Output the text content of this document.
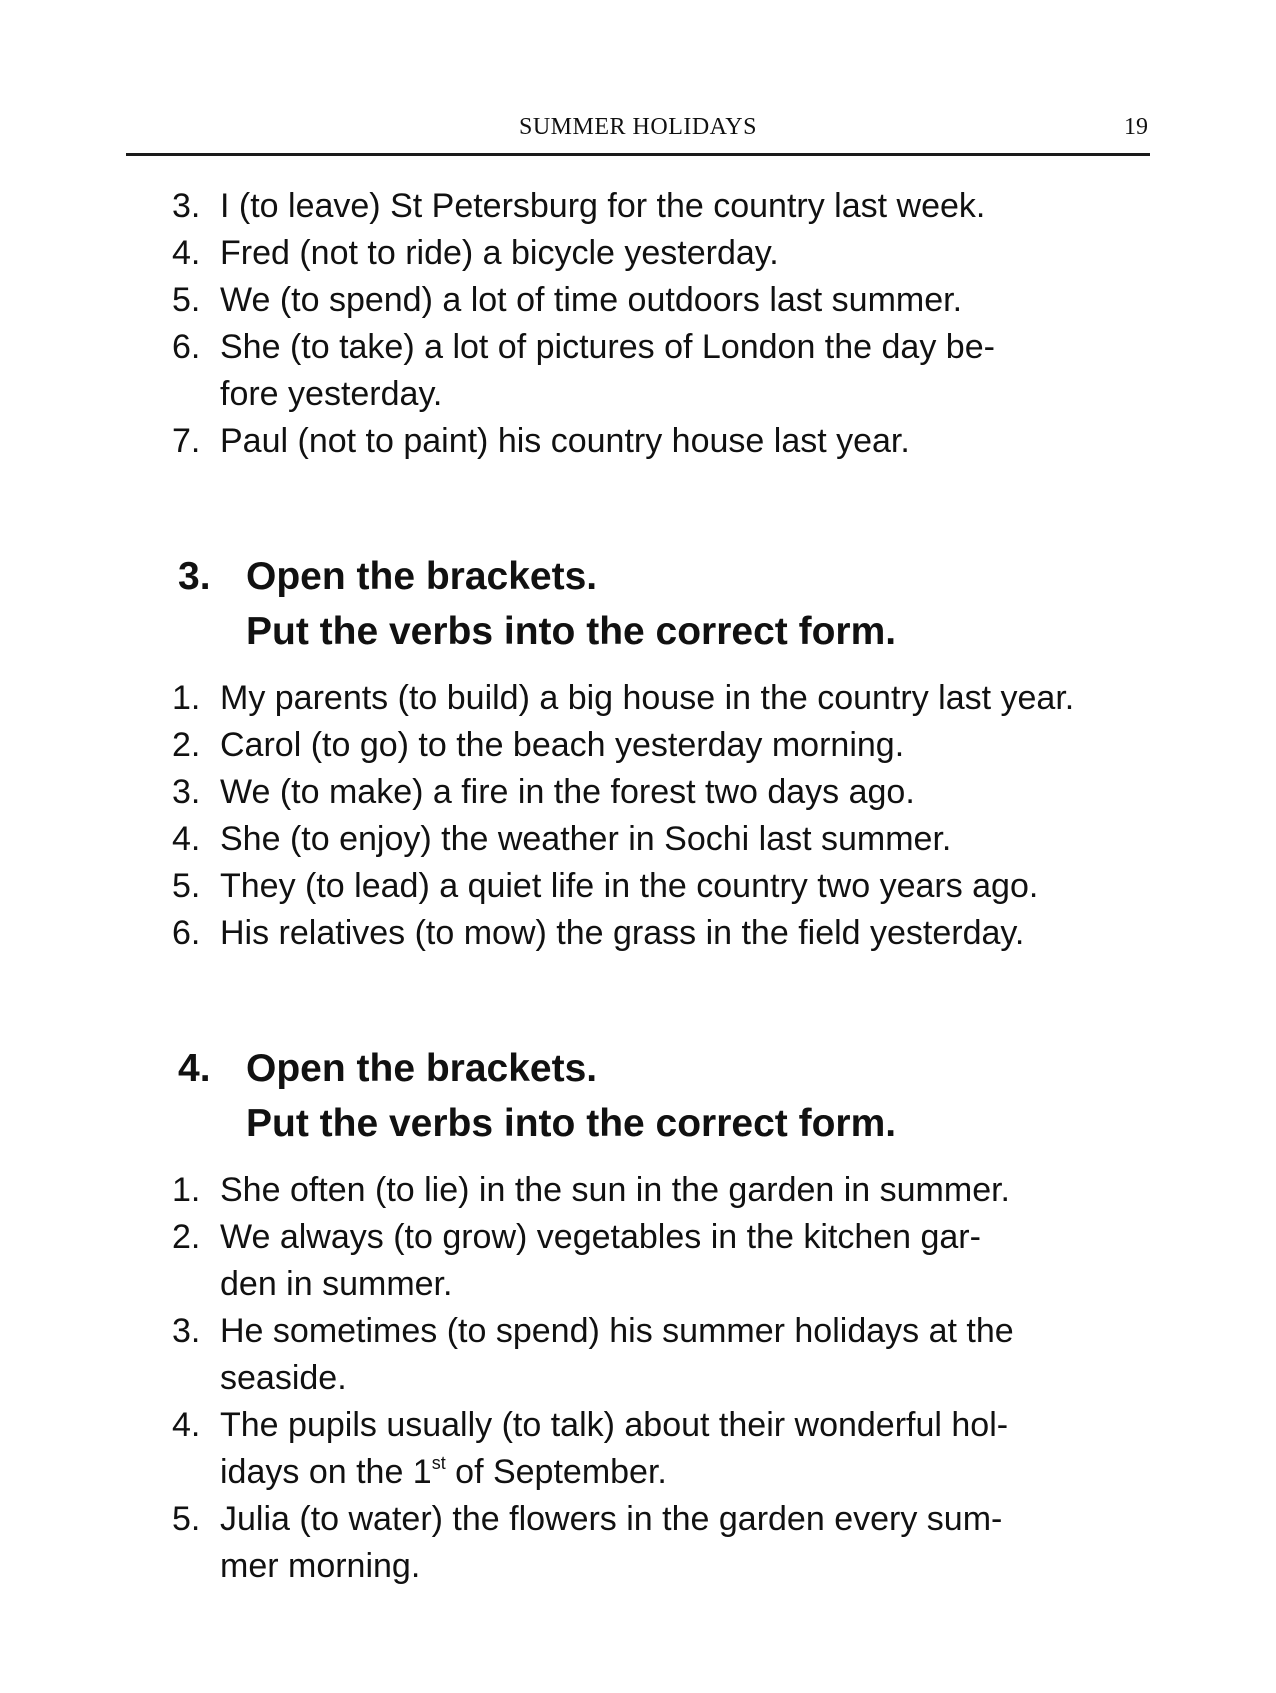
SUMMER HOLIDAYS	19
3. I (to leave) St Petersburg for the country last week.
4. Fred (not to ride) a bicycle yesterday.
5. We (to spend) a lot of time outdoors last summer.
6. She (to take) a lot of pictures of London the day be-
fore yesterday.
7. Paul (not to paint) his country house last year.
3. Open the brackets.
Put the verbs into the correct form.
1. My parents (to build) a big house in the country last year.
2. Carol (to go) to the beach yesterday morning.
3. We (to make) a fire in the forest two days ago.
4. She (to enjoy) the weather in Sochi last summer.
5. They (to lead) a quiet life in the country two years ago.
6. His relatives (to mow) the grass in the field yesterday.
4. Open the brackets.
Put the verbs into the correct form.
1. She often (to lie) in the sun in the garden in summer.
2. We always (to grow) vegetables in the kitchen gar-
den in summer.
3. He sometimes (to spend) his summer holidays at the
seaside.
4. The pupils usually (to talk) about their wonderful hol-
idays on the 1st of September.
5. Julia (to water) the flowers in the garden every sum-
mer morning.
